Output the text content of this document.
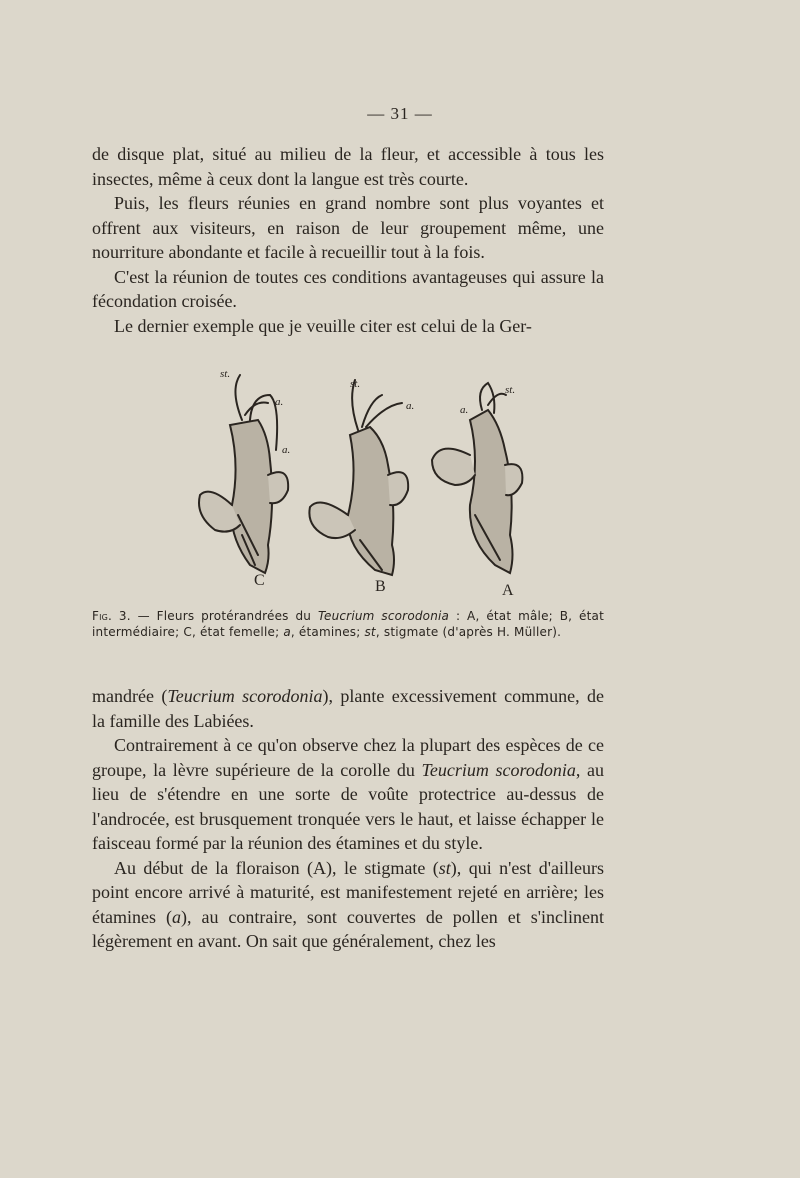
— 31 —

de disque plat, situé au milieu de la fleur, et accessible à tous les insectes, même à ceux dont la langue est très courte.

Puis, les fleurs réunies en grand nombre sont plus voyantes et offrent aux visiteurs, en raison de leur groupement même, une nourriture abondante et facile à recueillir tout à la fois.

C'est la réunion de toutes ces conditions avantageuses qui assure la fécondation croisée.

Le dernier exemple que je veuille citer est celui de la Ger-

st.
a.
a.
st.
a.
st.
a.
C	B	A
Fig. 3. — Fleurs protérandrées du Teucrium scorodonia : A, état mâle; B, état intermédiaire; C, état femelle; a, étamines; st, stigmate (d'après H. Müller).

mandrée (Teucrium scorodonia), plante excessivement commune, de la famille des Labiées.

Contrairement à ce qu'on observe chez la plupart des espèces de ce groupe, la lèvre supérieure de la corolle du Teucrium scorodonia, au lieu de s'étendre en une sorte de voûte protectrice au-dessus de l'androcée, est brusquement tronquée vers le haut, et laisse échapper le faisceau formé par la réunion des étamines et du style.

Au début de la floraison (A), le stigmate (st), qui n'est d'ailleurs point encore arrivé à maturité, est manifestement rejeté en arrière; les étamines (a), au contraire, sont couvertes de pollen et s'inclinent légèrement en avant. On sait que généralement, chez les
